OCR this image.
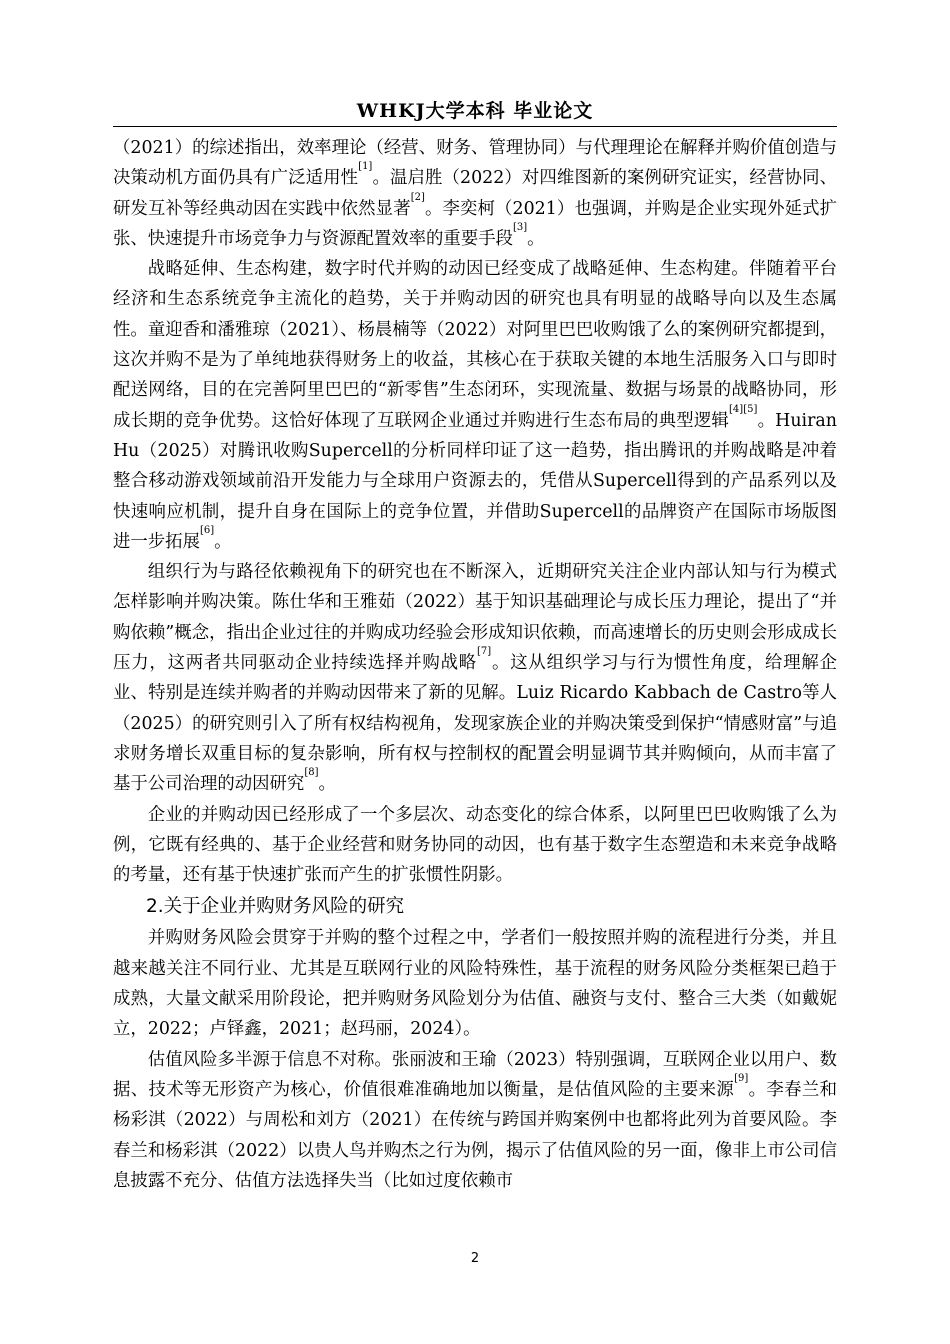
WHKJ大学本科 毕业论文

（2021）的综述指出，效率理论（经营、财务、管理协同）与代理理论在解释并购价值创造与决策动机方面仍具有广泛适用性[1]。温启胜（2022）对四维图新的案例研究证实，经营协同、研发互补等经典动因在实践中依然显著[2]。李奕柯（2021）也强调，并购是企业实现外延式扩张、快速提升市场竞争力与资源配置效率的重要手段[3]。

战略延伸、生态构建，数字时代并购的动因已经变成了战略延伸、生态构建。伴随着平台经济和生态系统竞争主流化的趋势，关于并购动因的研究也具有明显的战略导向以及生态属性。童迎香和潘雅琼（2021）、杨晨楠等（2022）对阿里巴巴收购饿了么的案例研究都提到，这次并购不是为了单纯地获得财务上的收益，其核心在于获取关键的本地生活服务入口与即时配送网络，目的在完善阿里巴巴的“新零售”生态闭环，实现流量、数据与场景的战略协同，形成长期的竞争优势。这恰好体现了互联网企业通过并购进行生态布局的典型逻辑[4][5]。Huiran Hu（2025）对腾讯收购Supercell的分析同样印证了这一趋势，指出腾讯的并购战略是冲着整合移动游戏领域前沿开发能力与全球用户资源去的，凭借从Supercell得到的产品系列以及快速响应机制，提升自身在国际上的竞争位置，并借助Supercell的品牌资产在国际市场版图进一步拓展[6]。

组织行为与路径依赖视角下的研究也在不断深入，近期研究关注企业内部认知与行为模式怎样影响并购决策。陈仕华和王雅茹（2022）基于知识基础理论与成长压力理论，提出了“并购依赖”概念，指出企业过往的并购成功经验会形成知识依赖，而高速增长的历史则会形成成长压力，这两者共同驱动企业持续选择并购战略[7]。这从组织学习与行为惯性角度，给理解企业、特别是连续并购者的并购动因带来了新的见解。Luiz Ricardo Kabbach de Castro等人（2025）的研究则引入了所有权结构视角，发现家族企业的并购决策受到保护“情感财富”与追求财务增长双重目标的复杂影响，所有权与控制权的配置会明显调节其并购倾向，从而丰富了基于公司治理的动因研究[8]。

企业的并购动因已经形成了一个多层次、动态变化的综合体系，以阿里巴巴收购饿了么为例，它既有经典的、基于企业经营和财务协同的动因，也有基于数字生态塑造和未来竞争战略的考量，还有基于快速扩张而产生的扩张惯性阴影。

2.关于企业并购财务风险的研究

并购财务风险会贯穿于并购的整个过程之中，学者们一般按照并购的流程进行分类，并且越来越关注不同行业、尤其是互联网行业的风险特殊性，基于流程的财务风险分类框架已趋于成熟，大量文献采用阶段论，把并购财务风险划分为估值、融资与支付、整合三大类（如戴妮立，2022；卢铎鑫，2021；赵玛丽，2024）。

估值风险多半源于信息不对称。张丽波和王瑜（2023）特别强调，互联网企业以用户、数据、技术等无形资产为核心，价值很难准确地加以衡量，是估值风险的主要来源[9]。李春兰和杨彩淇（2022）与周松和刘方（2021）在传统与跨国并购案例中也都将此列为首要风险。李春兰和杨彩淇（2022）以贵人鸟并购杰之行为例，揭示了估值风险的另一面，像非上市公司信息披露不充分、估值方法选择失当（比如过度依赖市

2
